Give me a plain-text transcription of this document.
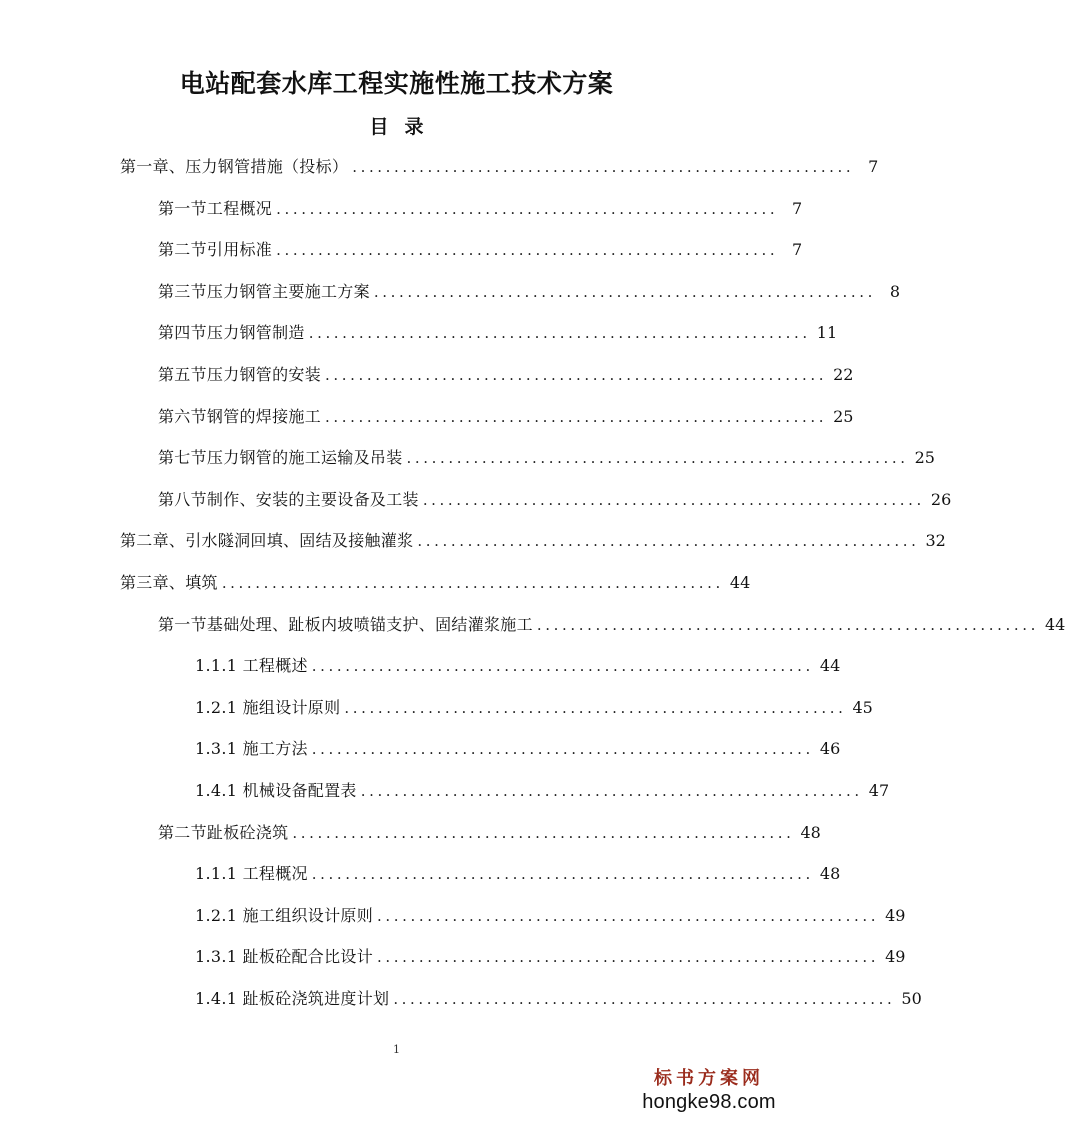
电站配套水库工程实施性施工技术方案
目录
第一章、压力钢管措施（投标） ............................................................ 7
第一节工程概况 ............................................................ 7
第二节引用标准 ............................................................ 7
第三节压力钢管主要施工方案 ............................................................ 8
第四节压力钢管制造 ............................................................ 11
第五节压力钢管的安装 ............................................................ 22
第六节钢管的焊接施工 ............................................................ 25
第七节压力钢管的施工运输及吊装 ............................................................ 25
第八节制作、安装的主要设备及工装 ............................................................ 26
第二章、引水隧洞回填、固结及接触灌浆 ............................................................ 32
第三章、填筑 ............................................................ 44
第一节基础处理、趾板内坡喷锚支护、固结灌浆施工 ............................................................ 44
1.1.1 工程概述 ............................................................ 44
1.2.1 施组设计原则 ............................................................ 45
1.3.1 施工方法 ............................................................ 46
1.4.1 机械设备配置表 ............................................................ 47
第二节趾板砼浇筑 ............................................................ 48
1.1.1 工程概况 ............................................................ 48
1.2.1 施工组织设计原则 ............................................................ 49
1.3.1 趾板砼配合比设计 ............................................................ 49
1.4.1 趾板砼浇筑进度计划 ............................................................ 50
1
标书方案网
hongke98.com
